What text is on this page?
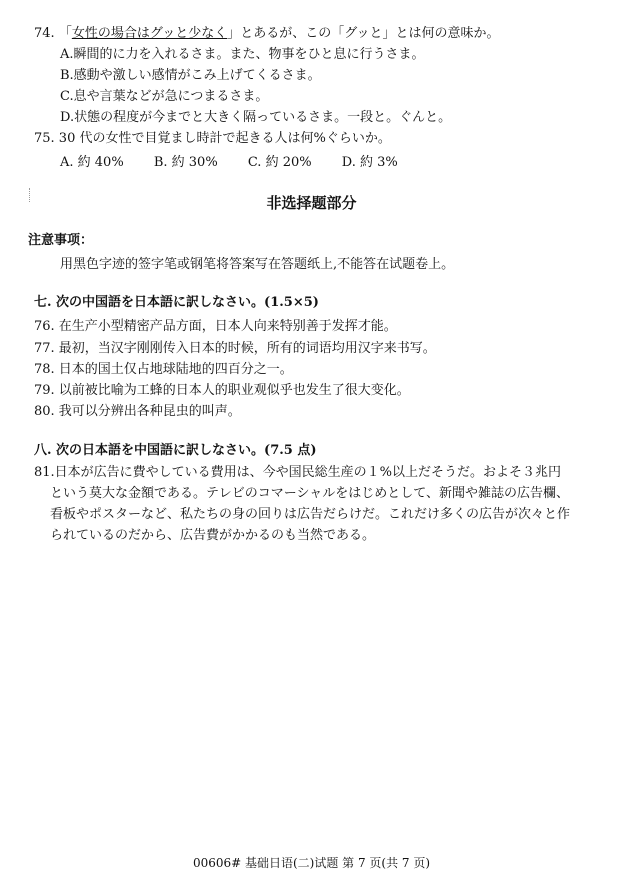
74. 「女性の場合はグッと少なく」とあるが、この「グッと」とは何の意味か。
A.瞬間的に力を入れるさま。また、物事をひと息に行うさま。
B.感動や激しい感情がこみ上げてくるさま。
C.息や言葉などが急につまるさま。
D.状態の程度が今までと大きく隔っているさま。一段と。ぐんと。
75. 30 代の女性で目覚まし時計で起きる人は何%ぐらいか。
A. 約 40% B. 約 30% C. 約 20% D. 約 3%
非选择题部分
注意事项：
用黑色字迹的签字笔或钢笔将答案写在答题纸上,不能答在试题卷上。
七. 次の中国語を日本語に訳しなさい。(1.5×5)
76. 在生产小型精密产品方面，日本人向来特别善于发挥才能。
77. 最初，当汉字刚刚传入日本的时候，所有的词语均用汉字来书写。
78. 日本的国土仅占地球陆地的四百分之一。
79. 以前被比喻为工蜂的日本人的职业观似乎也发生了很大变化。
80. 我可以分辨出各种昆虫的叫声。
八. 次の日本語を中国語に訳しなさい。(7.5 点)
81.日本が広告に費やしている費用は、今や国民総生産の１%以上だそうだ。およそ３兆円
という莫大な金額である。テレビのコマーシャルをはじめとして、新聞や雑誌の広告欄、
看板やポスターなど、私たちの身の回りは広告だらけだ。これだけ多くの広告が次々と作
られているのだから、広告費がかかるのも当然である。
00606# 基础日语(二)试题 第 7 页(共 7 页)
